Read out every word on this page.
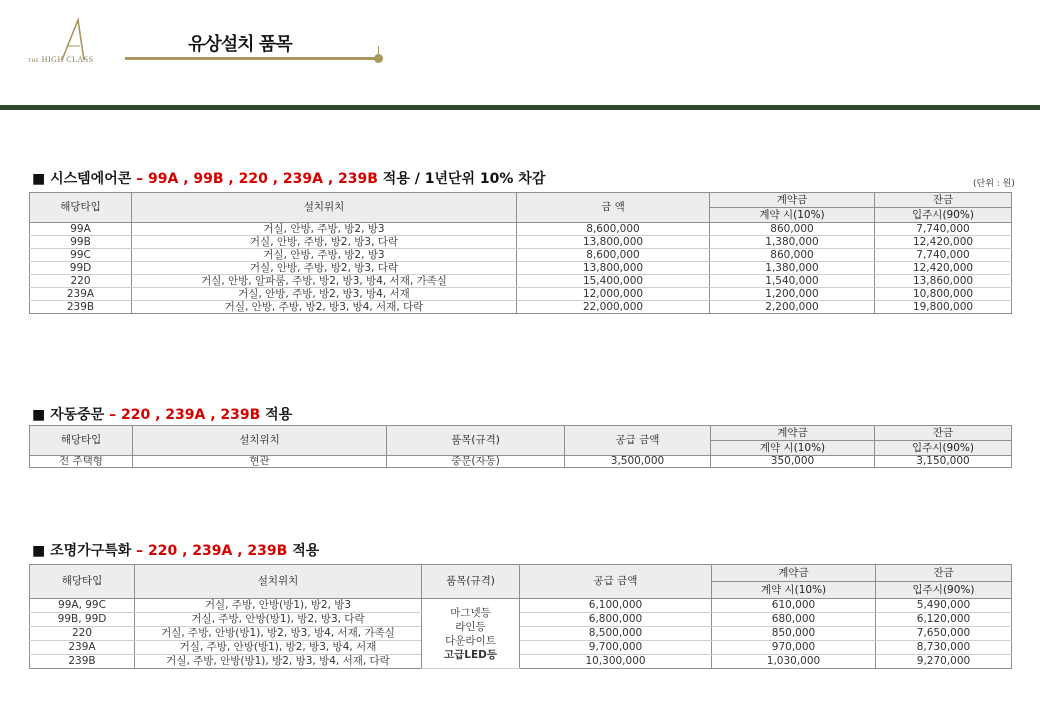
THE HIGH CLASS
유상설치 품목
■ 시스템에어콘 – 99A , 99B , 220 , 239A , 239B 적용 / 1년단위 10% 차감	(단위 : 원)
해당타입	설치위치	금 액	계약금	잔금
			계약 시(10%)	입주시(90%)
99A	거실, 안방, 주방, 방2, 방3	8,600,000	860,000	7,740,000
99B	거실, 안방, 주방, 방2, 방3, 다락	13,800,000	1,380,000	12,420,000
99C	거실, 안방, 주방, 방2, 방3	8,600,000	860,000	7,740,000
99D	거실, 안방, 주방, 방2, 방3, 다락	13,800,000	1,380,000	12,420,000
220	거실, 안방, 알파룸, 주방, 방2, 방3, 방4, 서재, 가족실	15,400,000	1,540,000	13,860,000
239A	거실, 안방, 주방, 방2, 방3, 방4, 서재	12,000,000	1,200,000	10,800,000
239B	거실, 안방, 주방, 방2, 방3, 방4, 서재, 다락	22,000,000	2,200,000	19,800,000
■ 자동중문 – 220 , 239A , 239B 적용
해당타입	설치위치	품목(규격)	공급 금액	계약금	잔금
				계약 시(10%)	입주시(90%)
전 주택형	현관	중문(자동)	3,500,000	350,000	3,150,000
■ 조명가구특화 – 220 , 239A , 239B 적용
해당타입	설치위치	품목(규격)	공급 금액	계약금	잔금
				계약 시(10%)	입주시(90%)
99A, 99C	거실, 주방, 안방(방1), 방2, 방3	마그넷등
라인등
다운라이트
고급LED등	6,100,000	610,000	5,490,000
99B, 99D	거실, 주방, 안방(방1), 방2, 방3, 다락		6,800,000	680,000	6,120,000
220	거실, 주방, 안방(방1), 방2, 방3, 방4, 서재, 가족실		8,500,000	850,000	7,650,000
239A	거실, 주방, 안방(방1), 방2, 방3, 방4, 서재		9,700,000	970,000	8,730,000
239B	거실, 주방, 안방(방1), 방2, 방3, 방4, 서재, 다락		10,300,000	1,030,000	9,270,000
